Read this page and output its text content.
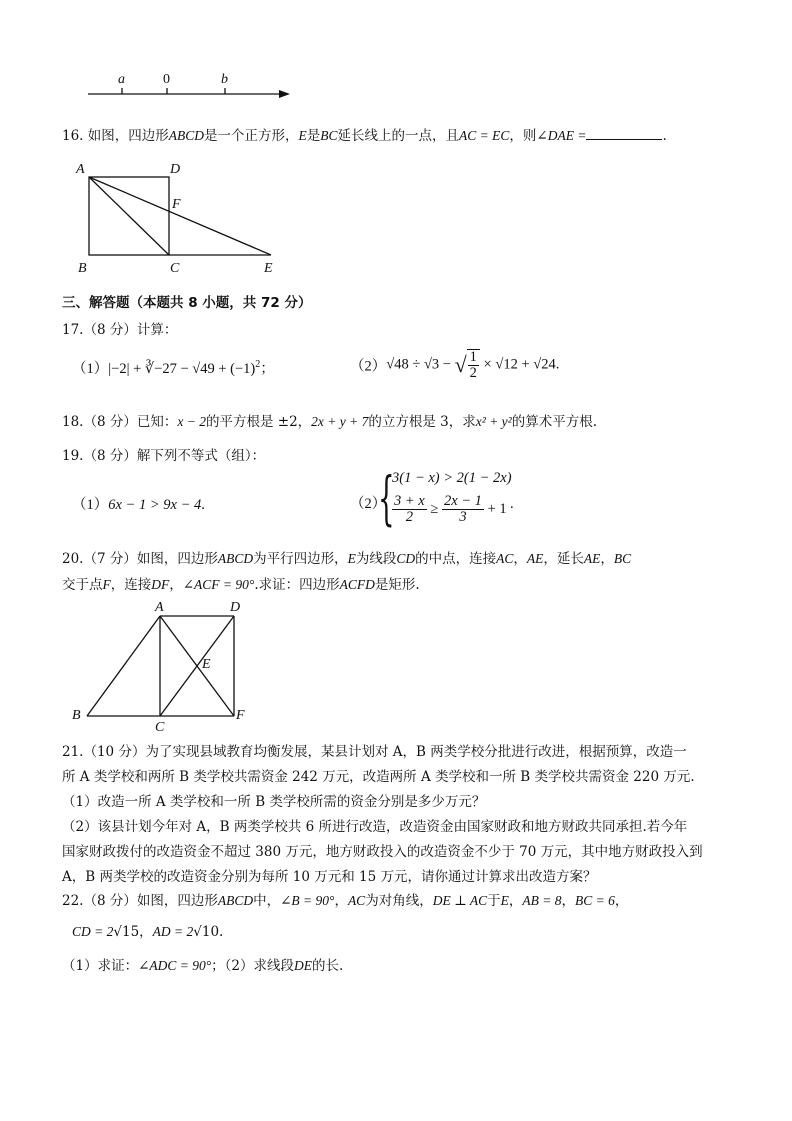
a	0	b
16. 如图，四边形ABCD是一个正方形，E是BC延长线上的一点，且AC = EC，则∠DAE =	.
A	D
F
B	C	E
三、解答题（本题共 8 小题，共 72 分）
17.（8 分）计算：
（1）|−2| + ∛−27 − $√49 + (-1)^2$；	（2）√48 ÷ √3 − √ $\frac{1}{2} \times √12 + √24$.
18.（8 分）已知：x − 2的平方根是 ±2，2x + y + 7的立方根是 3，求x² + y²的算术平方根.
19.（8 分）解下列不等式（组）：
（1）6x − 1 > 9x − 4.	（2）
{
3(1 − x) > 2(1 − 2x)
$\frac{3 + x}{2} \ge \frac{2x - 1}{3} + 1$ .
20.（7 分）如图，四边形ABCD为平行四边形，E为线段CD的中点，连接AC，AE，延长AE，BC
交于点F，连接DF，∠ACF = 90°.求证：四边形ACFD是矩形.
A	D
E
B
C
F
21.（10 分）为了实现县域教育均衡发展，某县计划对 A，B 两类学校分批进行改进，根据预算，改造一
所 A 类学校和两所 B 类学校共需资金 242 万元，改造两所 A 类学校和一所 B 类学校共需资金 220 万元.
（1）改造一所 A 类学校和一所 B 类学校所需的资金分别是多少万元？
（2）该县计划今年对 A，B 两类学校共 6 所进行改造，改造资金由国家财政和地方财政共同承担.若今年
国家财政拨付的改造资金不超过 380 万元，地方财政投入的改造资金不少于 70 万元，其中地方财政投入到
A，B 两类学校的改造资金分别为每所 10 万元和 15 万元，请你通过计算求出改造方案？
22.（8 分）如图，四边形ABCD中，∠B = 90°，AC为对角线，DE ⊥ AC于E，AB = 8，BC = 6，
CD = 2√15，AD = 2√10.
（1）求证：∠ADC = 90°；（2）求线段DE的长.
